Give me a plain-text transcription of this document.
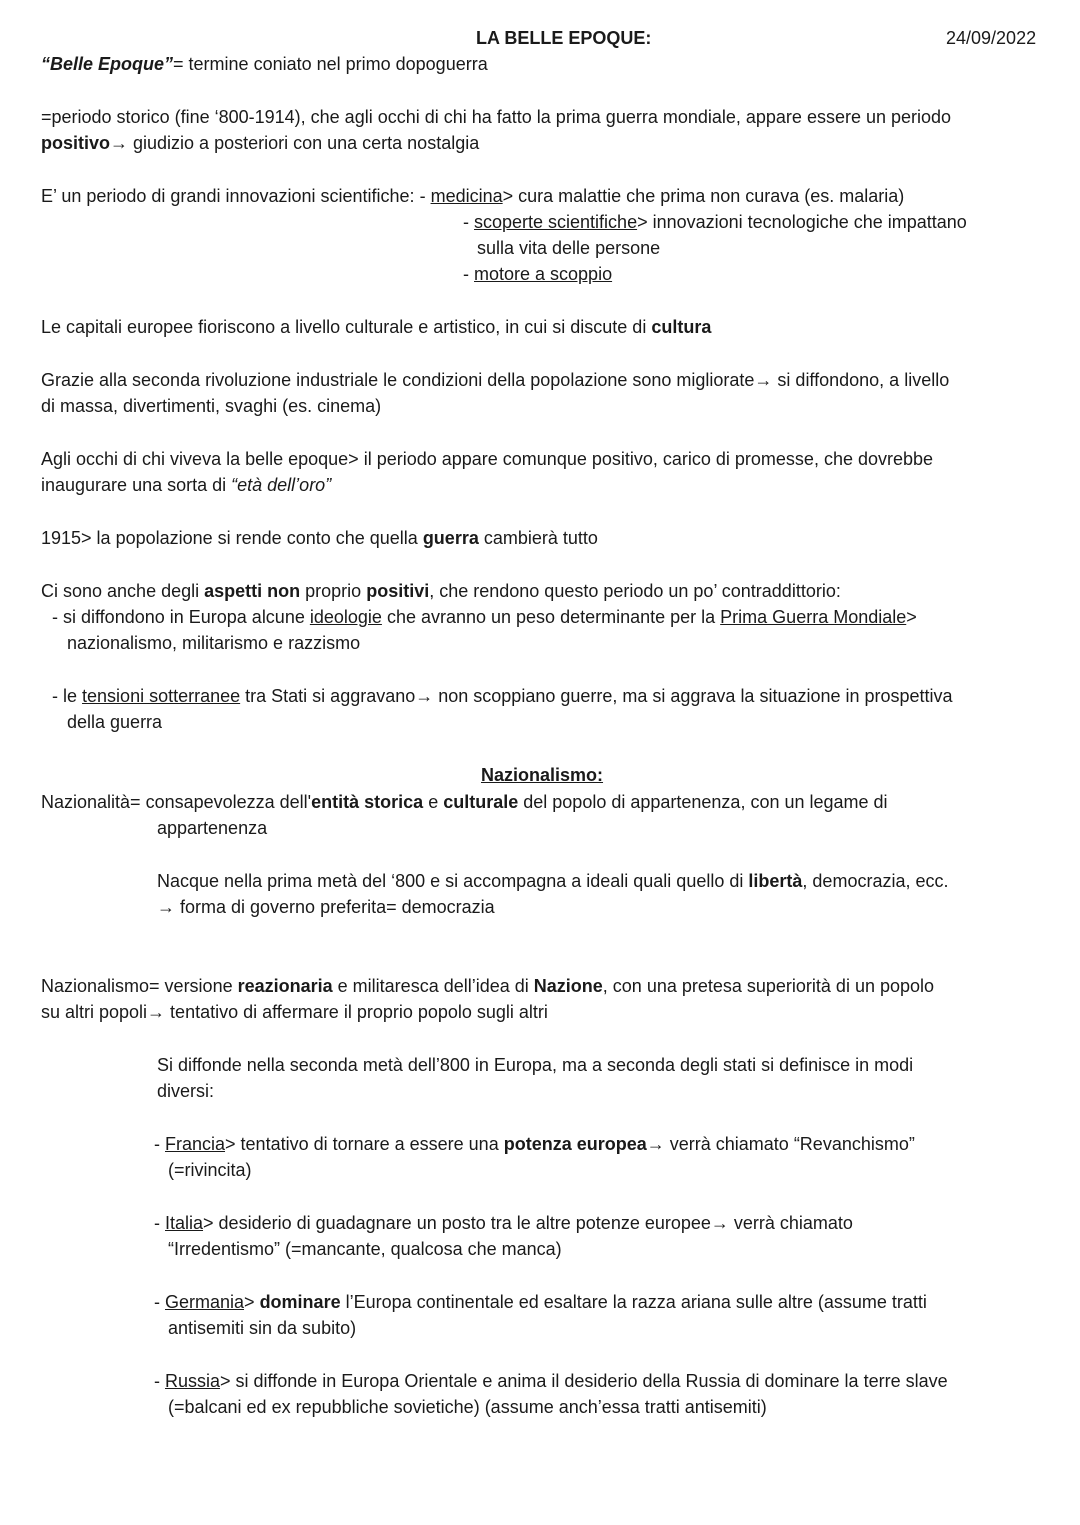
LA BELLE EPOQUE:	24/09/2022
“Belle Epoque”= termine coniato nel primo dopoguerra
=periodo storico (fine ‘800-1914), che agli occhi di chi ha fatto la prima guerra mondiale, appare essere un periodo
positivo→ giudizio a posteriori con una certa nostalgia
E’ un periodo di grandi innovazioni scientifiche: - medicina> cura malattie che prima non curava (es. malaria)
- scoperte scientifiche> innovazioni tecnologiche che impattano
sulla vita delle persone
- motore a scoppio
Le capitali europee fioriscono a livello culturale e artistico, in cui si discute di cultura
Grazie alla seconda rivoluzione industriale le condizioni della popolazione sono migliorate→ si diffondono, a livello
di massa, divertimenti, svaghi (es. cinema)
Agli occhi di chi viveva la belle epoque> il periodo appare comunque positivo, carico di promesse, che dovrebbe
inaugurare una sorta di “età dell’oro”
1915> la popolazione si rende conto che quella guerra cambierà tutto
Ci sono anche degli aspetti non proprio positivi, che rendono questo periodo un po’ contraddittorio:
- si diffondono in Europa alcune ideologie che avranno un peso determinante per la Prima Guerra Mondiale>
nazionalismo, militarismo e razzismo
- le tensioni sotterranee tra Stati si aggravano→ non scoppiano guerre, ma si aggrava la situazione in prospettiva
della guerra
Nazionalismo:
Nazionalità= consapevolezza dell'entità storica e culturale del popolo di appartenenza, con un legame di
appartenenza
Nacque nella prima metà del ‘800 e si accompagna a ideali quali quello di libertà, democrazia, ecc.
→ forma di governo preferita= democrazia
Nazionalismo= versione reazionaria e militaresca dell’idea di Nazione, con una pretesa superiorità di un popolo
su altri popoli→ tentativo di affermare il proprio popolo sugli altri
Si diffonde nella seconda metà dell’800 in Europa, ma a seconda degli stati si definisce in modi
diversi:
- Francia> tentativo di tornare a essere una potenza europea→ verrà chiamato “Revanchismo”
(=rivincita)
- Italia> desiderio di guadagnare un posto tra le altre potenze europee→ verrà chiamato
“Irredentismo” (=mancante, qualcosa che manca)
- Germania> dominare l’Europa continentale ed esaltare la razza ariana sulle altre (assume tratti
antisemiti sin da subito)
- Russia> si diffonde in Europa Orientale e anima il desiderio della Russia di dominare la terre slave
(=balcani ed ex repubbliche sovietiche) (assume anch’essa tratti antisemiti)
